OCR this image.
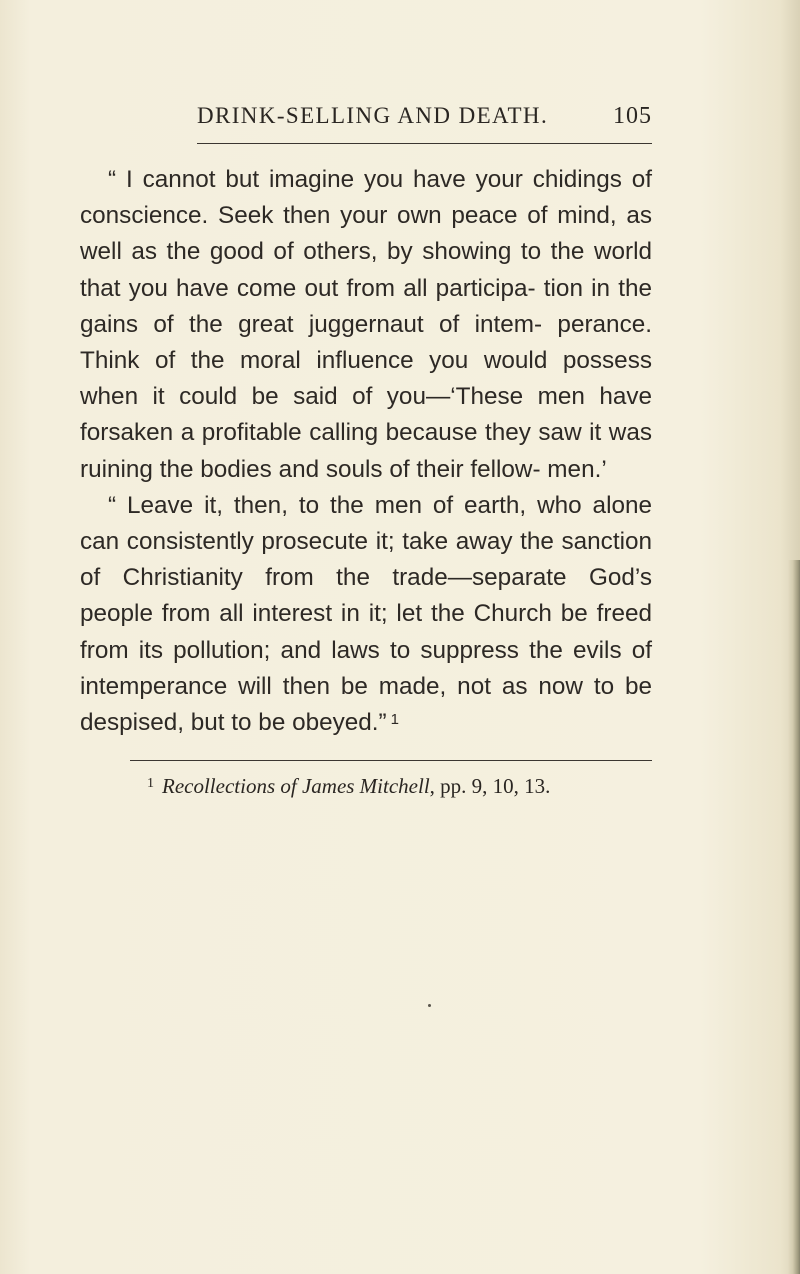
DRINK-SELLING AND DEATH.	105

“ I cannot but imagine you have your chidings of conscience. Seek then your own peace of mind, as well as the good of others, by showing to the world that you have come out from all participa- tion in the gains of the great juggernaut of intem- perance. Think of the moral influence you would possess when it could be said of you—‘These men have forsaken a profitable calling because they saw it was ruining the bodies and souls of their fellow- men.’

“ Leave it, then, to the men of earth, who alone can consistently prosecute it; take away the sanction of Christianity from the trade—separate God’s people from all interest in it; let the Church be freed from its pollution; and laws to suppress the evils of intemperance will then be made, not as now to be despised, but to be obeyed.” $^1$

$^1$ Recollections of James Mitchell, pp. 9, 10, 13.
